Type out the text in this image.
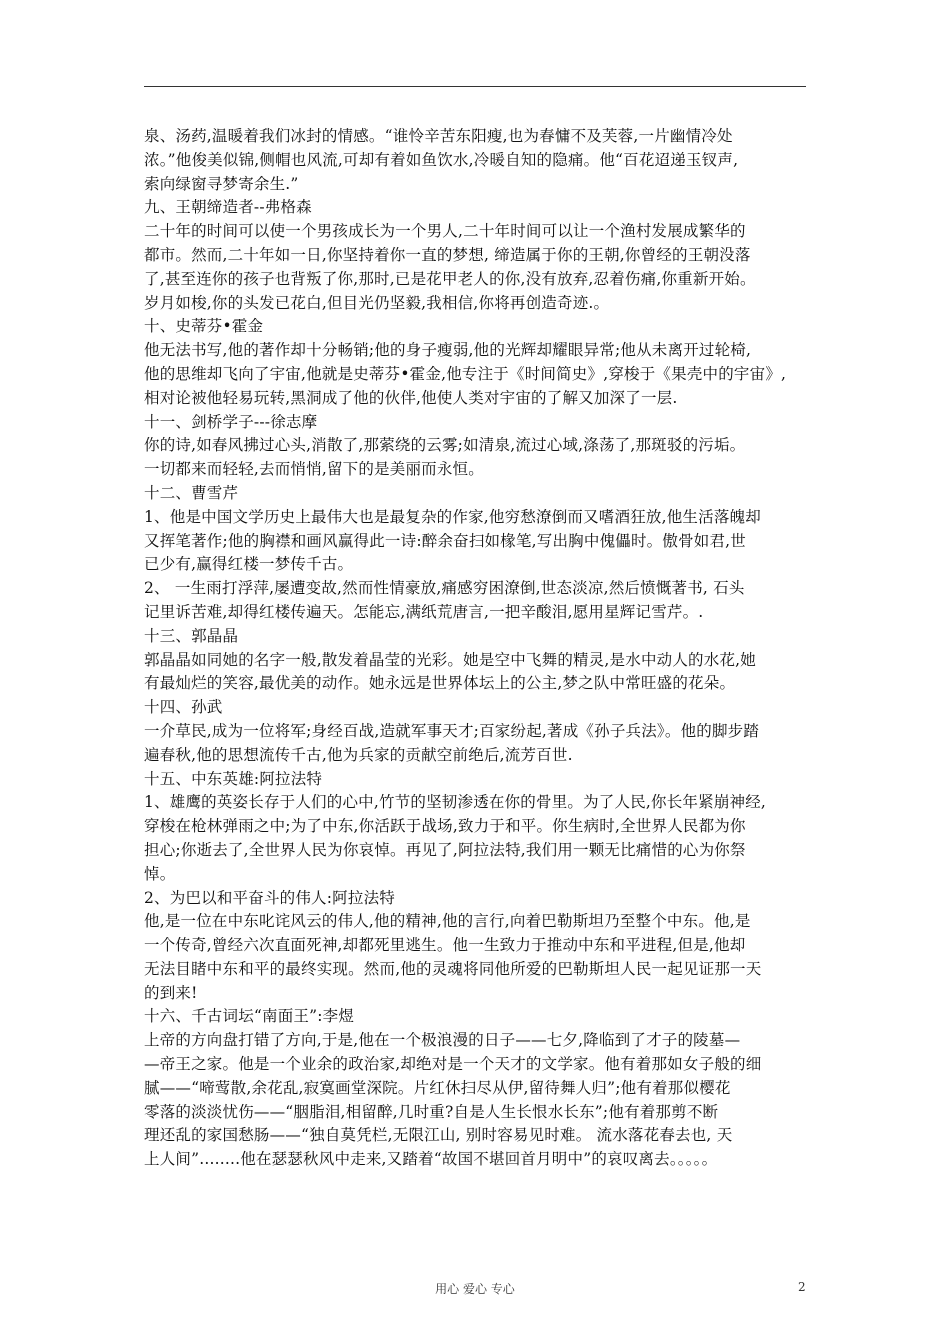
泉、汤药,温暖着我们冰封的情感。“谁怜辛苦东阳瘦,也为春慵不及芙蓉,一片幽情冷处

浓。”他俊美似锦,侧帽也风流,可却有着如鱼饮水,冷暖自知的隐痛。他“百花迢递玉钗声,

索向绿窗寻梦寄余生.”

九、王朝缔造者--弗格森

二十年的时间可以使一个男孩成长为一个男人,二十年时间可以让一个渔村发展成繁华的

都市。然而,二十年如一日,你坚持着你一直的梦想, 缔造属于你的王朝,你曾经的王朝没落

了,甚至连你的孩子也背叛了你,那时,已是花甲老人的你,没有放弃,忍着伤痛,你重新开始。

岁月如梭,你的头发已花白,但目光仍坚毅,我相信,你将再创造奇迹.。

十、史蒂芬•霍金

他无法书写,他的著作却十分畅销;他的身子瘦弱,他的光辉却耀眼异常;他从未离开过轮椅,

他的思维却飞向了宇宙,他就是史蒂芬•霍金,他专注于《时间简史》,穿梭于《果壳中的宇宙》,

相对论被他轻易玩转,黑洞成了他的伙伴,他使人类对宇宙的了解又加深了一层.

十一、剑桥学子---徐志摩

你的诗,如春风拂过心头,消散了,那萦绕的云雾;如清泉,流过心域,涤荡了,那斑驳的污垢。

一切都来而轻轻,去而悄悄,留下的是美丽而永恒。

十二、曹雪芹

1、他是中国文学历史上最伟大也是最复杂的作家,他穷愁潦倒而又嗜酒狂放,他生活落魄却

又挥笔著作;他的胸襟和画风赢得此一诗:醉余奋扫如椽笔,写出胸中傀儡时。傲骨如君,世

已少有,赢得红楼一梦传千古。

2、 一生雨打浮萍,屡遭变故,然而性情豪放,痛感穷困潦倒,世态淡凉,然后愤慨著书, 石头

记里诉苦难,却得红楼传遍天。怎能忘,满纸荒唐言,一把辛酸泪,愿用星辉记雪芹。.

十三、郭晶晶

郭晶晶如同她的名字一般,散发着晶莹的光彩。她是空中飞舞的精灵,是水中动人的水花,她

有最灿烂的笑容,最优美的动作。她永远是世界体坛上的公主,梦之队中常旺盛的花朵。

十四、孙武

一介草民,成为一位将军;身经百战,造就军事天才;百家纷起,著成《孙子兵法》。他的脚步踏

遍春秋,他的思想流传千古,他为兵家的贡献空前绝后,流芳百世.

十五、中东英雄:阿拉法特

1、雄鹰的英姿长存于人们的心中,竹节的坚韧渗透在你的骨里。为了人民,你长年紧崩神经,

穿梭在枪林弹雨之中;为了中东,你活跃于战场,致力于和平。你生病时,全世界人民都为你

担心;你逝去了,全世界人民为你哀悼。再见了,阿拉法特,我们用一颗无比痛惜的心为你祭

悼。

2、为巴以和平奋斗的伟人:阿拉法特

他,是一位在中东叱诧风云的伟人,他的精神,他的言行,向着巴勒斯坦乃至整个中东。他,是

一个传奇,曾经六次直面死神,却都死里逃生。他一生致力于推动中东和平进程,但是,他却

无法目睹中东和平的最终实现。然而,他的灵魂将同他所爱的巴勒斯坦人民一起见证那一天

的到来!

十六、千古词坛“南面王”:李煜

上帝的方向盘打错了方向,于是,他在一个极浪漫的日子——七夕,降临到了才子的陵墓—

—帝王之家。他是一个业余的政治家,却绝对是一个天才的文学家。他有着那如女子般的细

腻——“啼莺散,余花乱,寂寞画堂深院。片红休扫尽从伊,留待舞人归”;他有着那似樱花

零落的淡淡忧伤——“胭脂泪,相留醉,几时重?自是人生长恨水长东”;他有着那剪不断

理还乱的家国愁肠——“独自莫凭栏,无限江山, 别时容易见时难。 流水落花春去也, 天

上人间”........他在瑟瑟秋风中走来,又踏着“故国不堪回首月明中”的哀叹离去。。。。。

用心 爱心 专心	2
